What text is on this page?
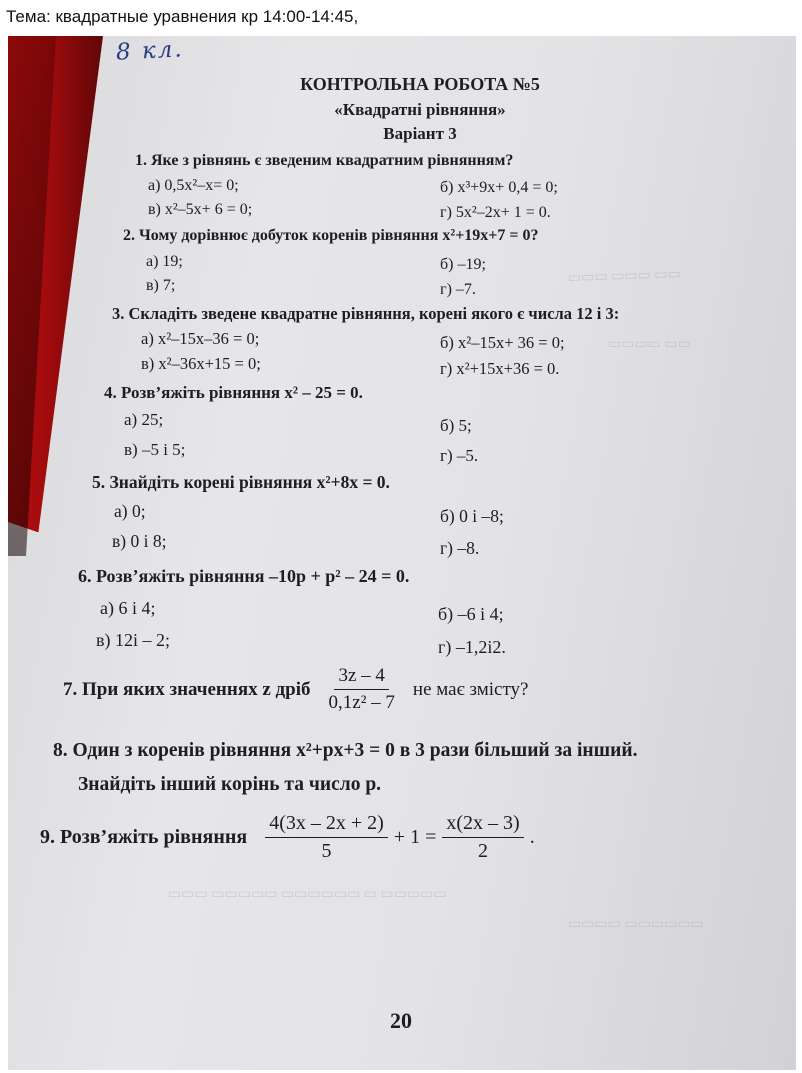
Тема: квадратные уравнения кр 14:00-14:45,
▭▭▭ ▭▭▭ ▭▭
▭▭▭▭ ▭▭
▭▭▭ ▭▭▭▭▭ ▭▭▭▭▭▭ ▭ ▭▭▭▭▭
▭▭▭▭ ▭▭▭▭▭▭
8 кл.
КОНТРОЛЬНА РОБОТА №5
«Квадратні рівняння»
Варіант 3
1. Яке з рівнянь є зведеним квадратним рівнянням?
а) 0,5x²–x= 0;	б) x³+9x+ 0,4 = 0;
в) x²–5x+ 6 = 0;	г) 5x²–2x+ 1 = 0.
2. Чому дорівнює добуток коренів рівняння x²+19x+7 = 0?
а) 19;	б) –19;
в) 7;	г) –7.
3. Складіть зведене квадратне рівняння, корені якого є числа 12 і 3:
а) x²–15x–36 = 0;	б) x²–15x+ 36 = 0;
в) x²–36x+15 = 0;	г) x²+15x+36 = 0.
4. Розв’яжіть рівняння x² – 25 = 0.
а) 25;	б) 5;
в) –5 і 5;	г) –5.
5. Знайдіть корені рівняння x²+8x = 0.
а) 0;	б) 0 і –8;
в) 0 і 8;	г) –8.
6. Розв’яжіть рівняння –10p + p² – 24 = 0.
а) 6 і 4;	б) –6 і 4;
в) 12і – 2;	г) –1,2і2.
7. При яких значеннях z дріб $\frac{3z - 4}{\text{0,1z² – 7}}$ не має змісту?
8. Один з коренів рівняння x²+px+3 = 0 в 3 рази більший за інший.
Знайдіть інший корінь та число p.
9. Розв’яжіть рівняння $\frac{4(3x - 2x + 2)}{5} + 1 = \frac{x(2x - 3)}{2}$ .
20
